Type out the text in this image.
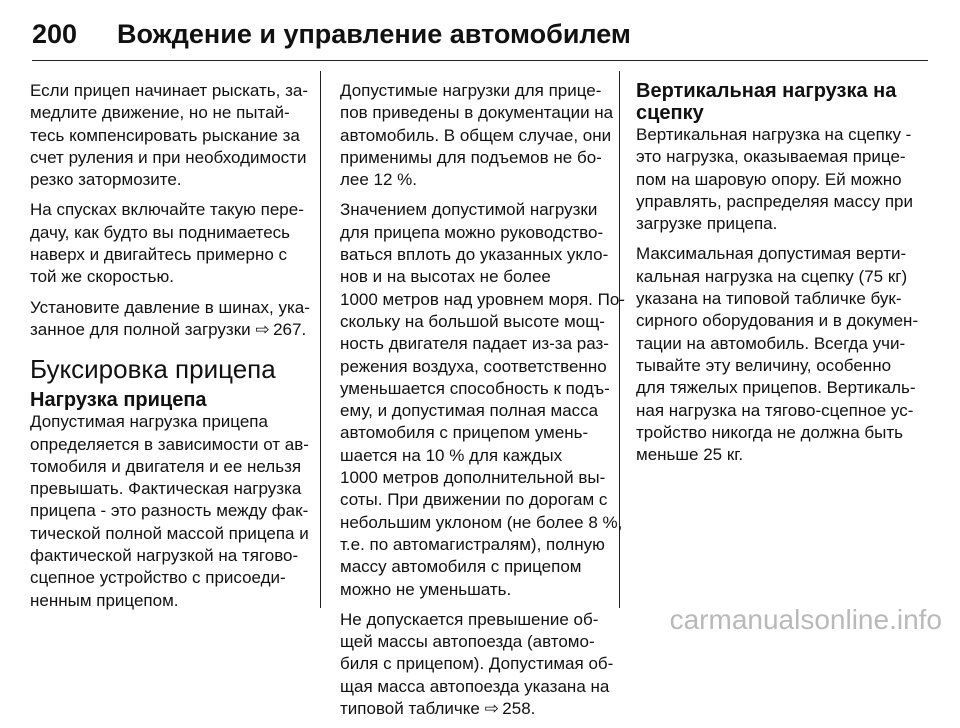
200	Вождение и управление автомобилем

Если прицеп начинает рыскать, за-
медлите движение, но не пытай-
тесь компенсировать рыскание за
счет руления и при необходимости
резко затормозите.

На спусках включайте такую пере-
дачу, как будто вы поднимаетесь
наверх и двигайтесь примерно с
той же скоростью.

Установите давление в шинах, ука-
занное для полной загрузки ⇨ 267.

Буксировка прицепа
Нагрузка прицепа

Допустимая нагрузка прицепа
определяется в зависимости от ав-
томобиля и двигателя и ее нельзя
превышать. Фактическая нагрузка
прицепа - это разность между фак-
тической полной массой прицепа и
фактической нагрузкой на тягово-
сцепное устройство с присоеди-
ненным прицепом.

Допустимые нагрузки для прице-
пов приведены в документации на
автомобиль. В общем случае, они
применимы для подъемов не бо-
лее 12 %.

Значением допустимой нагрузки
для прицепа можно руководство-
ваться вплоть до указанных укло-
нов и на высотах не более
1000 метров над уровнем моря. По-
скольку на большой высоте мощ-
ность двигателя падает из-за раз-
режения воздуха, соответственно
уменьшается способность к подъ-
ему, и допустимая полная масса
автомобиля с прицепом умень-
шается на 10 % для каждых
1000 метров дополнительной вы-
соты. При движении по дорогам с
небольшим уклоном (не более 8 %,
т.е. по автомагистралям), полную
массу автомобиля с прицепом
можно не уменьшать.

Не допускается превышение об-
щей массы автопоезда (автомо-
биля с прицепом). Допустимая об-
щая масса автопоезда указана на
типовой табличке ⇨ 258.

Вертикальная нагрузка на
сцепку

Вертикальная нагрузка на сцепку -
это нагрузка, оказываемая прице-
пом на шаровую опору. Ей можно
управлять, распределяя массу при
загрузке прицепа.

Максимальная допустимая верти-
кальная нагрузка на сцепку (75 кг)
указана на типовой табличке бук-
сирного оборудования и в докумен-
тации на автомобиль. Всегда учи-
тывайте эту величину, особенно
для тяжелых прицепов. Вертикаль-
ная нагрузка на тягово-сцепное ус-
тройство никогда не должна быть
меньше 25 кг.

carmanualsonline.info
